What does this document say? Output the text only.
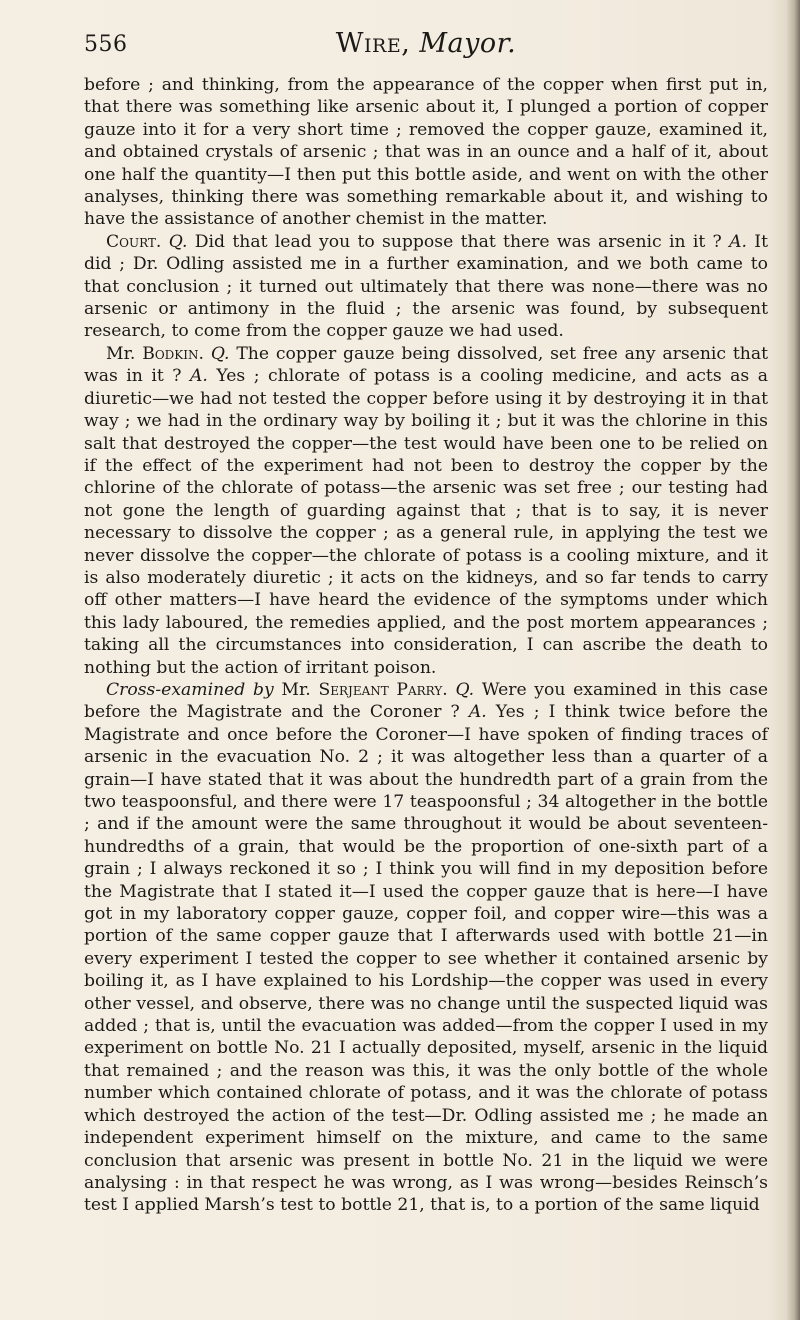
556	Wire, Mayor.

before ; and thinking, from the appearance of the copper when first put in, that there was something like arsenic about it, I plunged a portion of copper gauze into it for a very short time ; removed the copper gauze, examined it, and obtained crystals of arsenic ; that was in an ounce and a half of it, about one half the quantity—I then put this bottle aside, and went on with the other analyses, thinking there was something remarkable about it, and wishing to have the assistance of another chemist in the matter.

Court. Q. Did that lead you to suppose that there was arsenic in it ? A. It did ; Dr. Odling assisted me in a further examination, and we both came to that conclusion ; it turned out ultimately that there was none—there was no arsenic or antimony in the fluid ; the arsenic was found, by subsequent research, to come from the copper gauze we had used.

Mr. Bodkin. Q. The copper gauze being dissolved, set free any arsenic that was in it ? A. Yes ; chlorate of potass is a cooling medicine, and acts as a diuretic—we had not tested the copper before using it by destroying it in that way ; we had in the ordinary way by boiling it ; but it was the chlorine in this salt that destroyed the copper—the test would have been one to be relied on if the effect of the experiment had not been to destroy the copper by the chlorine of the chlorate of potass—the arsenic was set free ; our testing had not gone the length of guarding against that ; that is to say, it is never necessary to dissolve the copper ; as a general rule, in applying the test we never dissolve the copper—the chlorate of potass is a cooling mixture, and it is also moderately diuretic ; it acts on the kidneys, and so far tends to carry off other matters—I have heard the evidence of the symptoms under which this lady laboured, the remedies applied, and the post mortem appearances ; taking all the circumstances into consideration, I can ascribe the death to nothing but the action of irritant poison.

Cross-examined by Mr. Serjeant Parry. Q. Were you examined in this case before the Magistrate and the Coroner ? A. Yes ; I think twice before the Magistrate and once before the Coroner—I have spoken of finding traces of arsenic in the evacuation No. 2 ; it was altogether less than a quarter of a grain—I have stated that it was about the hundredth part of a grain from the two teaspoonsful, and there were 17 teaspoonsful ; 34 altogether in the bottle ; and if the amount were the same throughout it would be about seventeen-hundredths of a grain, that would be the proportion of one-sixth part of a grain ; I always reckoned it so ; I think you will find in my deposition before the Magistrate that I stated it—I used the copper gauze that is here—I have got in my laboratory copper gauze, copper foil, and copper wire—this was a portion of the same copper gauze that I afterwards used with bottle 21—in every experiment I tested the copper to see whether it contained arsenic by boiling it, as I have explained to his Lordship—the copper was used in every other vessel, and observe, there was no change until the suspected liquid was added ; that is, until the evacuation was added—from the copper I used in my experiment on bottle No. 21 I actually deposited, myself, arsenic in the liquid that remained ; and the reason was this, it was the only bottle of the whole number which contained chlorate of potass, and it was the chlorate of potass which destroyed the action of the test—Dr. Odling assisted me ; he made an independent experiment himself on the mixture, and came to the same conclusion that arsenic was present in bottle No. 21 in the liquid we were analysing : in that respect he was wrong, as I was wrong—besides Reinsch’s test I applied Marsh’s test to bottle 21, that is, to a portion of the same liquid
